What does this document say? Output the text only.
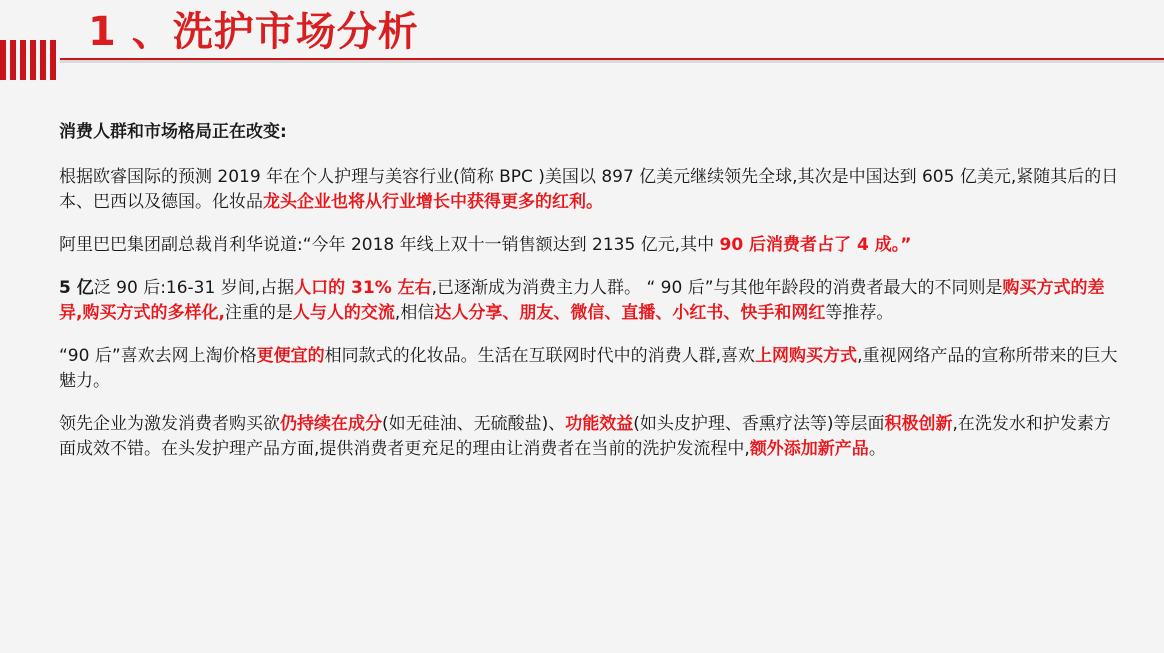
1 、洗护市场分析

消费人群和市场格局正在改变:

根据欧睿国际的预测 2019 年在个人护理与美容行业(简称 BPC )美国以 897 亿美元继续领先全球,其次是中国达到 605 亿美元,紧随其后的日本、巴西以及德国。化妆品龙头企业也将从行业增长中获得更多的红利。

阿里巴巴集团副总裁肖利华说道:“今年 2018 年线上双十一销售额达到 2135 亿元,其中 90 后消费者占了 4 成。”

5 亿泛 90 后:16-31 岁间,占据人口的 31% 左右,已逐渐成为消费主力人群。 “ 90 后”与其他年龄段的消费者最大的不同则是购买方式的差异,购买方式的多样化,注重的是人与人的交流,相信达人分享、朋友、微信、直播、小红书、快手和网红等推荐。

“90 后”喜欢去网上淘价格更便宜的相同款式的化妆品。生活在互联网时代中的消费人群,喜欢上网购买方式,重视网络产品的宣称所带来的巨大魅力。

领先企业为激发消费者购买欲仍持续在成分(如无硅油、无硫酸盐)、功能效益(如头皮护理、香熏疗法等)等层面积极创新,在洗发水和护发素方面成效不错。在头发护理产品方面,提供消费者更充足的理由让消费者在当前的洗护发流程中,额外添加新产品。
